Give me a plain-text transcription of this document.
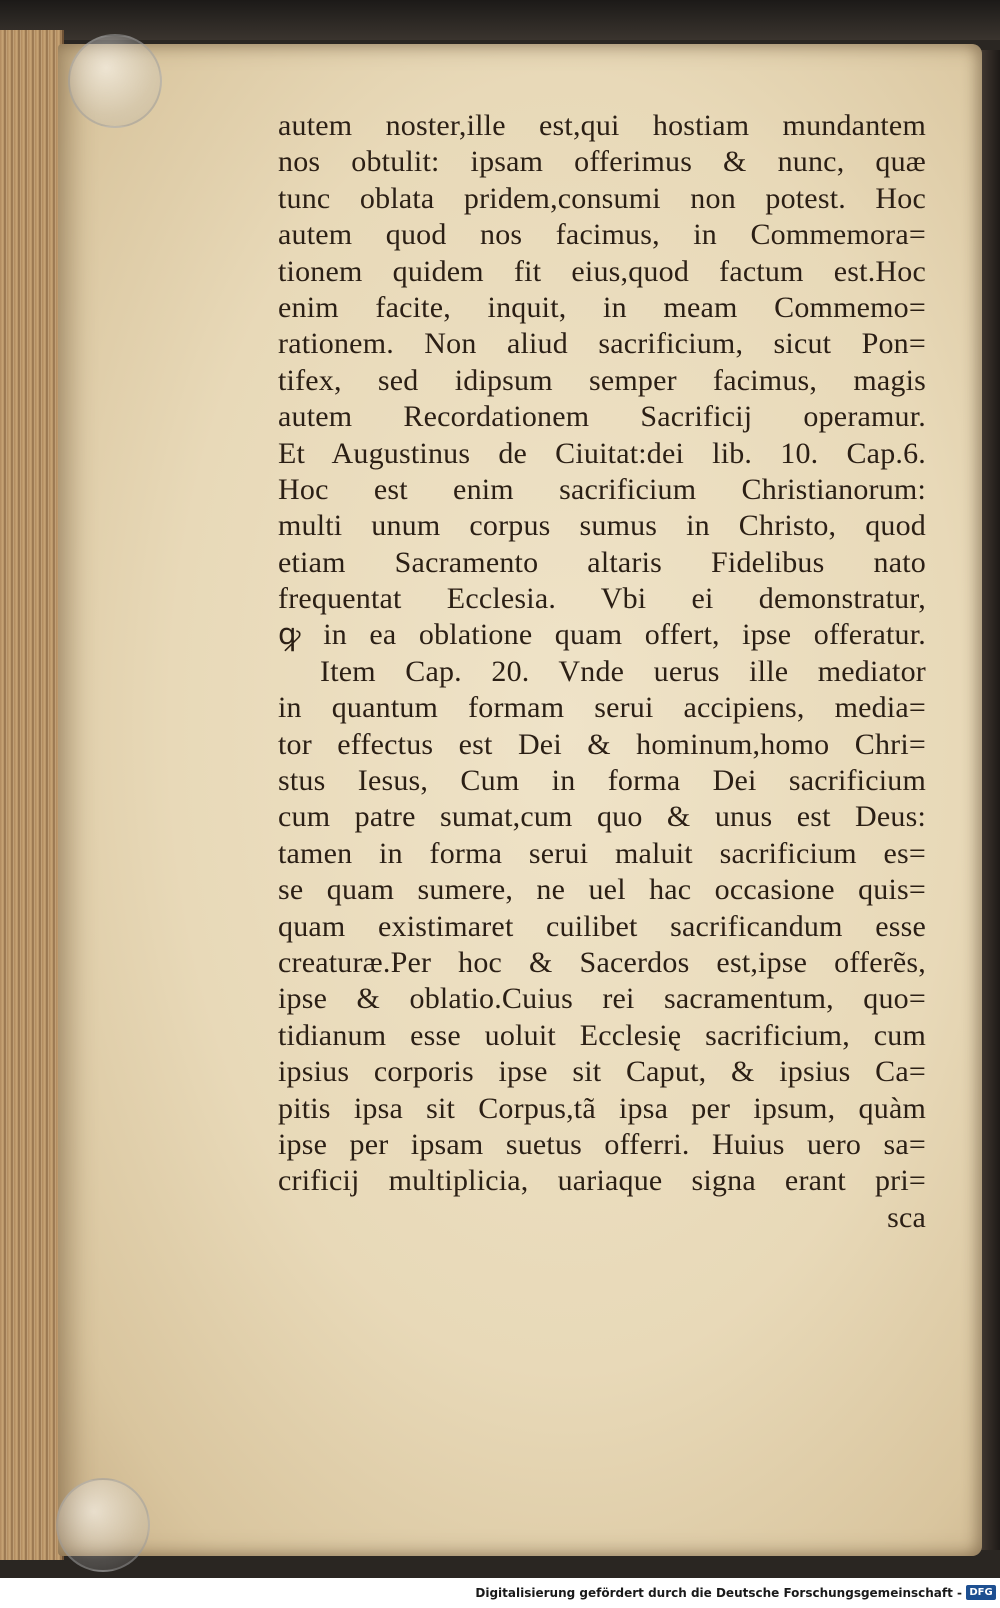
autem noster,ille est,qui hostiam mundantem
nos obtulit: ipsam offerimus & nunc, quæ
tunc oblata pridem,consumi non potest. Hoc
autem quod nos facimus, in Commemora=
tionem quidem fit eius,quod factum est.Hoc
enim facite, inquit, in meam Commemo=
rationem. Non aliud sacrificium, sicut Pon=
tifex, sed idipsum semper facimus, magis
autem Recordationem Sacrificij operamur.
Et Augustinus de Ciuitat:dei lib. 10. Cap.6.
Hoc est enim sacrificium Christianorum:
multi unum corpus sumus in Christo, quod
etiam Sacramento altaris Fidelibus nato
frequentat Ecclesia. Vbi ei demonstratur,
ꝙ in ea oblatione quam offert, ipse offeratur.
Item Cap. 20. Vnde uerus ille mediator
in quantum formam serui accipiens, media=
tor effectus est Dei & hominum,homo Chri=
stus Iesus, Cum in forma Dei sacrificium
cum patre sumat,cum quo & unus est Deus:
tamen in forma serui maluit sacrificium es=
se quam sumere, ne uel hac occasione quis=
quam existimaret cuilibet sacrificandum esse
creaturæ.Per hoc & Sacerdos est,ipse offerẽs,
ipse & oblatio.Cuius rei sacramentum, quo=
tidianum esse uoluit Ecclesię sacrificium, cum
ipsius corporis ipse sit Caput, & ipsius Ca=
pitis ipsa sit Corpus,tã ipsa per ipsum, quàm
ipse per ipsam suetus offerri. Huius uero sa=
crificij multiplicia, uariaque signa erant pri=
sca
Digitalisierung gefördert durch die Deutsche Forschungsgemeinschaft - DFG
